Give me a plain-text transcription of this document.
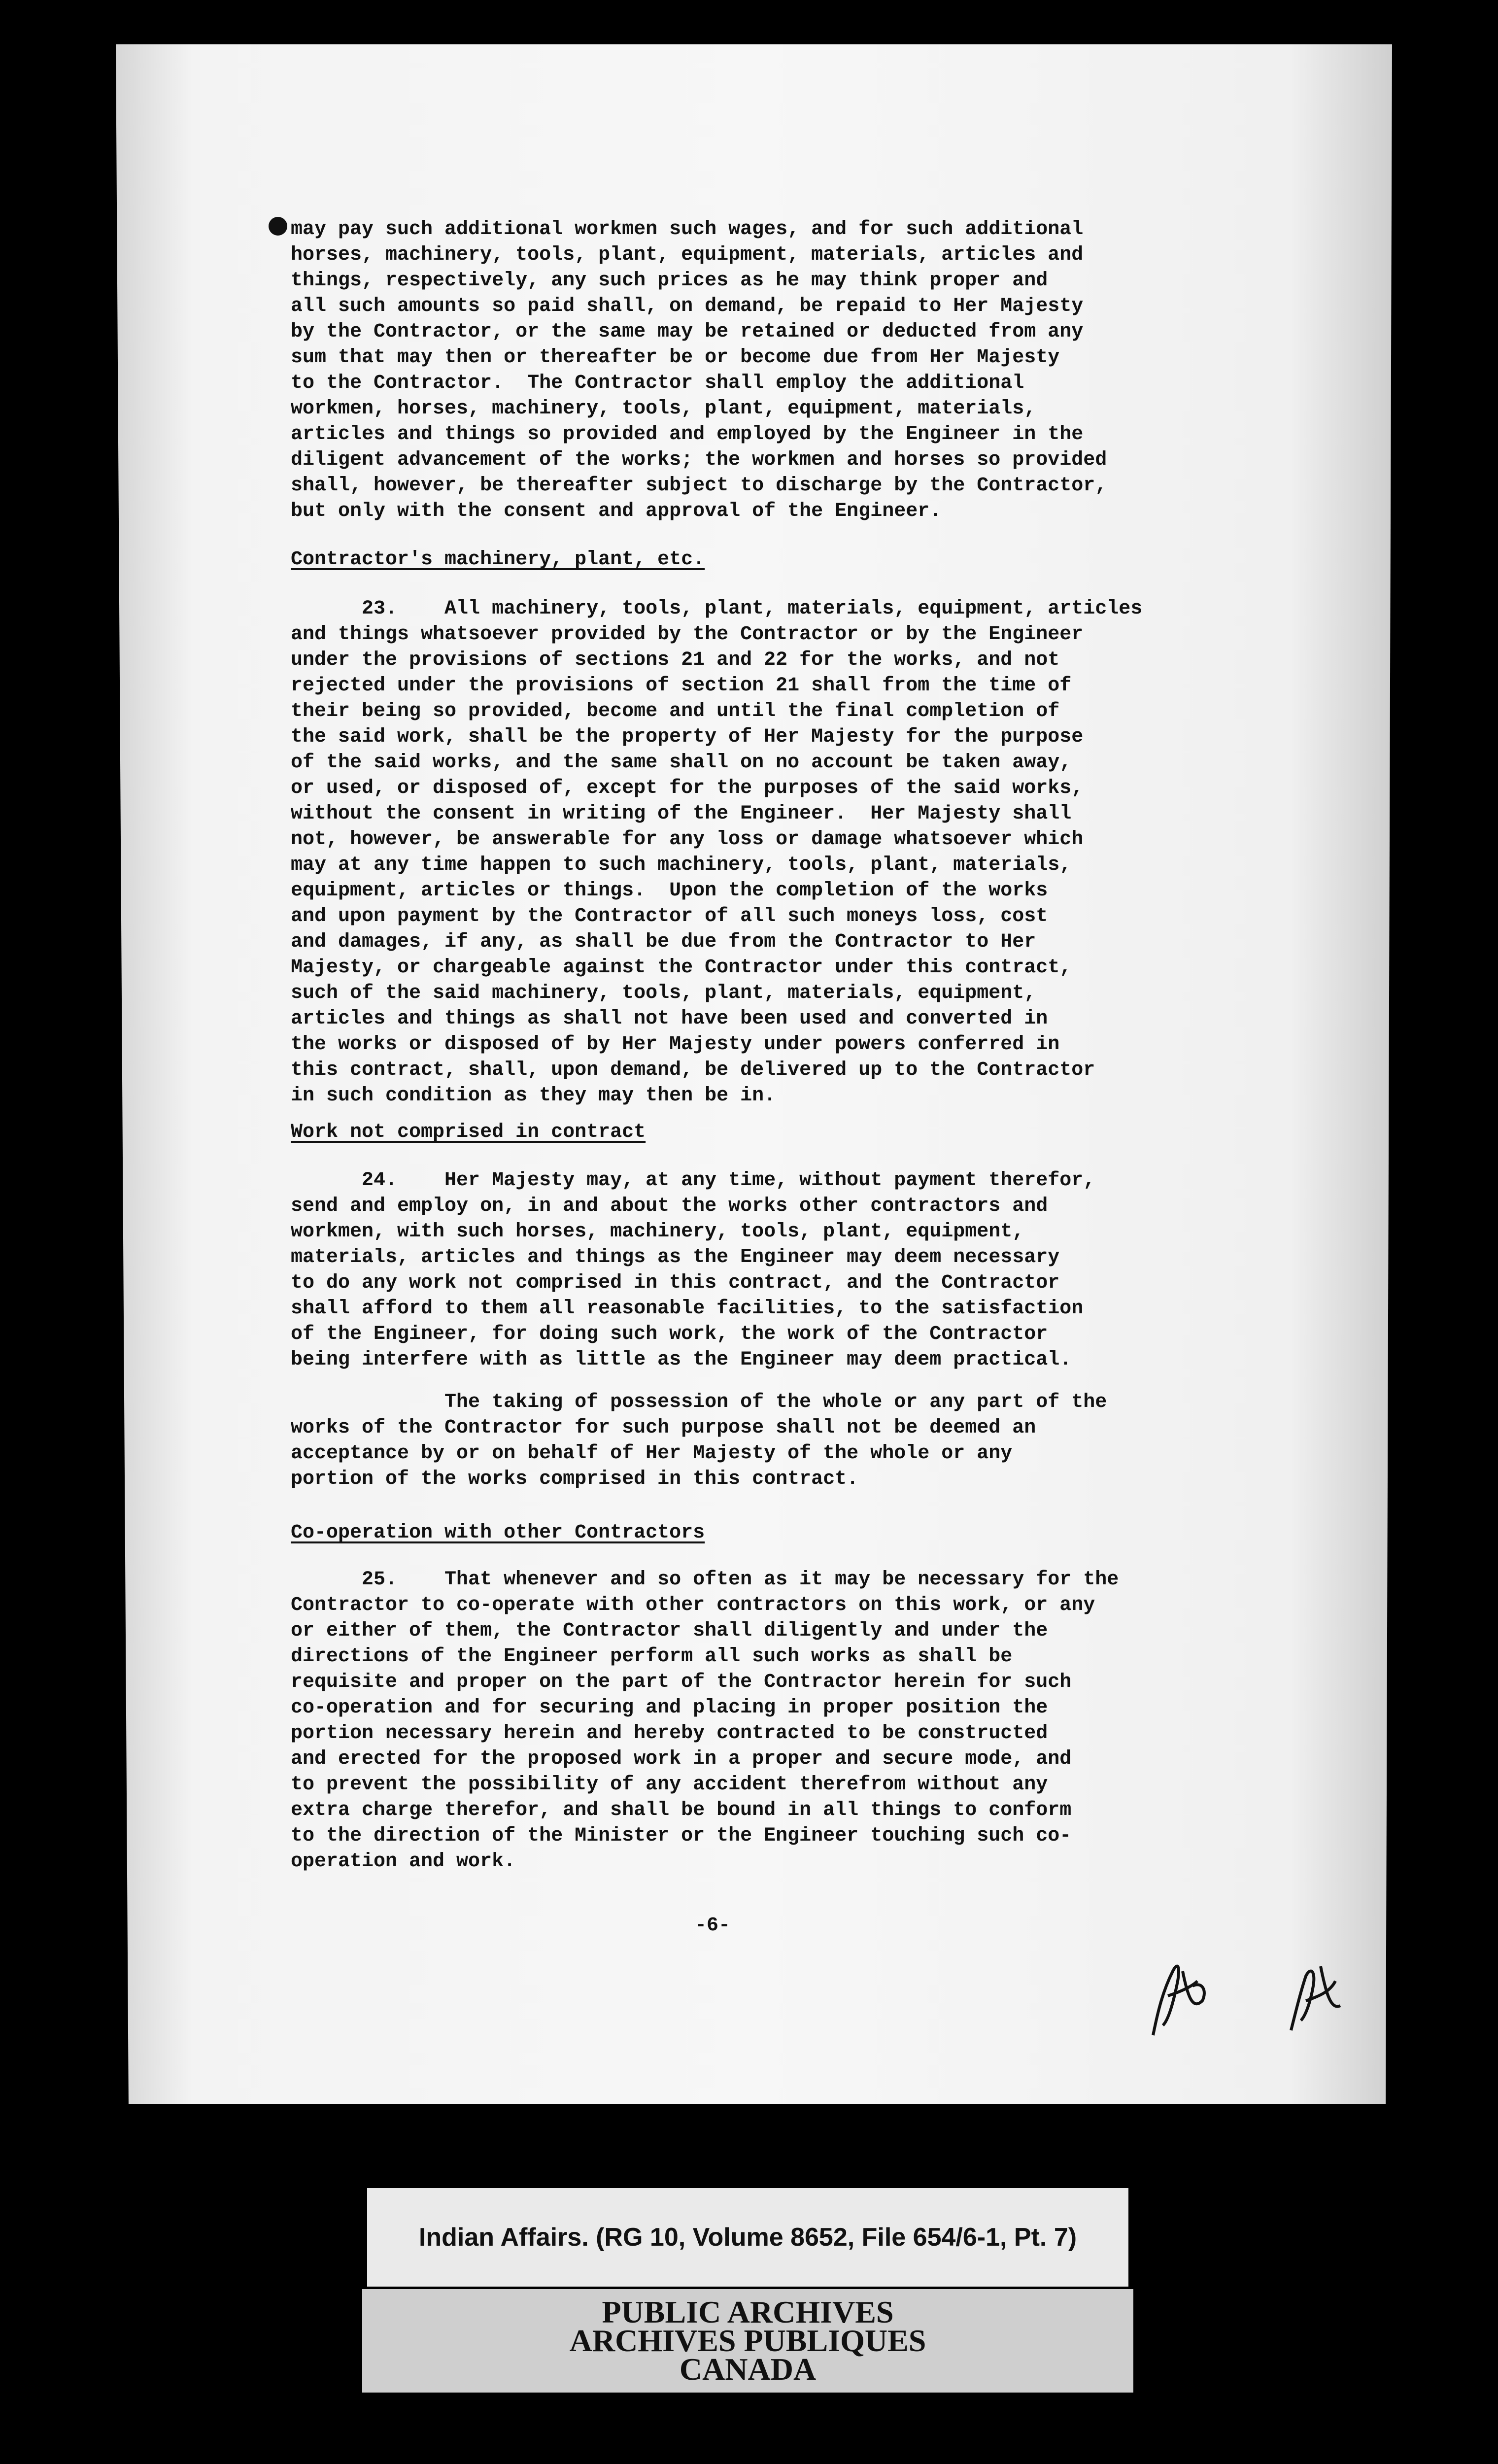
may pay such additional workmen such wages, and for such additional
horses, machinery, tools, plant, equipment, materials, articles and
things, respectively, any such prices as he may think proper and
all such amounts so paid shall, on demand, be repaid to Her Majesty
by the Contractor, or the same may be retained or deducted from any
sum that may then or thereafter be or become due from Her Majesty
to the Contractor.  The Contractor shall employ the additional
workmen, horses, machinery, tools, plant, equipment, materials,
articles and things so provided and employed by the Engineer in the
diligent advancement of the works; the workmen and horses so provided
shall, however, be thereafter subject to discharge by the Contractor,
but only with the consent and approval of the Engineer.

Contractor's machinery, plant, etc.

23.    All machinery, tools, plant, materials, equipment, articles
and things whatsoever provided by the Contractor or by the Engineer
under the provisions of sections 21 and 22 for the works, and not
rejected under the provisions of section 21 shall from the time of
their being so provided, become and until the final completion of
the said work, shall be the property of Her Majesty for the purpose
of the said works, and the same shall on no account be taken away,
or used, or disposed of, except for the purposes of the said works,
without the consent in writing of the Engineer.  Her Majesty shall
not, however, be answerable for any loss or damage whatsoever which
may at any time happen to such machinery, tools, plant, materials,
equipment, articles or things.  Upon the completion of the works
and upon payment by the Contractor of all such moneys loss, cost
and damages, if any, as shall be due from the Contractor to Her
Majesty, or chargeable against the Contractor under this contract,
such of the said machinery, tools, plant, materials, equipment,
articles and things as shall not have been used and converted in
the works or disposed of by Her Majesty under powers conferred in
this contract, shall, upon demand, be delivered up to the Contractor
in such condition as they may then be in.

Work not comprised in contract

24.    Her Majesty may, at any time, without payment therefor,
send and employ on, in and about the works other contractors and
workmen, with such horses, machinery, tools, plant, equipment,
materials, articles and things as the Engineer may deem necessary
to do any work not comprised in this contract, and the Contractor
shall afford to them all reasonable facilities, to the satisfaction
of the Engineer, for doing such work, the work of the Contractor
being interfere with as little as the Engineer may deem practical.

The taking of possession of the whole or any part of the
works of the Contractor for such purpose shall not be deemed an
acceptance by or on behalf of Her Majesty of the whole or any
portion of the works comprised in this contract.

Co-operation with other Contractors

25.    That whenever and so often as it may be necessary for the
Contractor to co-operate with other contractors on this work, or any
or either of them, the Contractor shall diligently and under the
directions of the Engineer perform all such works as shall be
requisite and proper on the part of the Contractor herein for such
co-operation and for securing and placing in proper position the
portion necessary herein and hereby contracted to be constructed
and erected for the proposed work in a proper and secure mode, and
to prevent the possibility of any accident therefrom without any
extra charge therefor, and shall be bound in all things to conform
to the direction of the Minister or the Engineer touching such co-
operation and work.

-6-
Indian Affairs. (RG 10, Volume 8652, File 654/6-1, Pt. 7)
PUBLIC ARCHIVES
ARCHIVES PUBLIQUES
CANADA
